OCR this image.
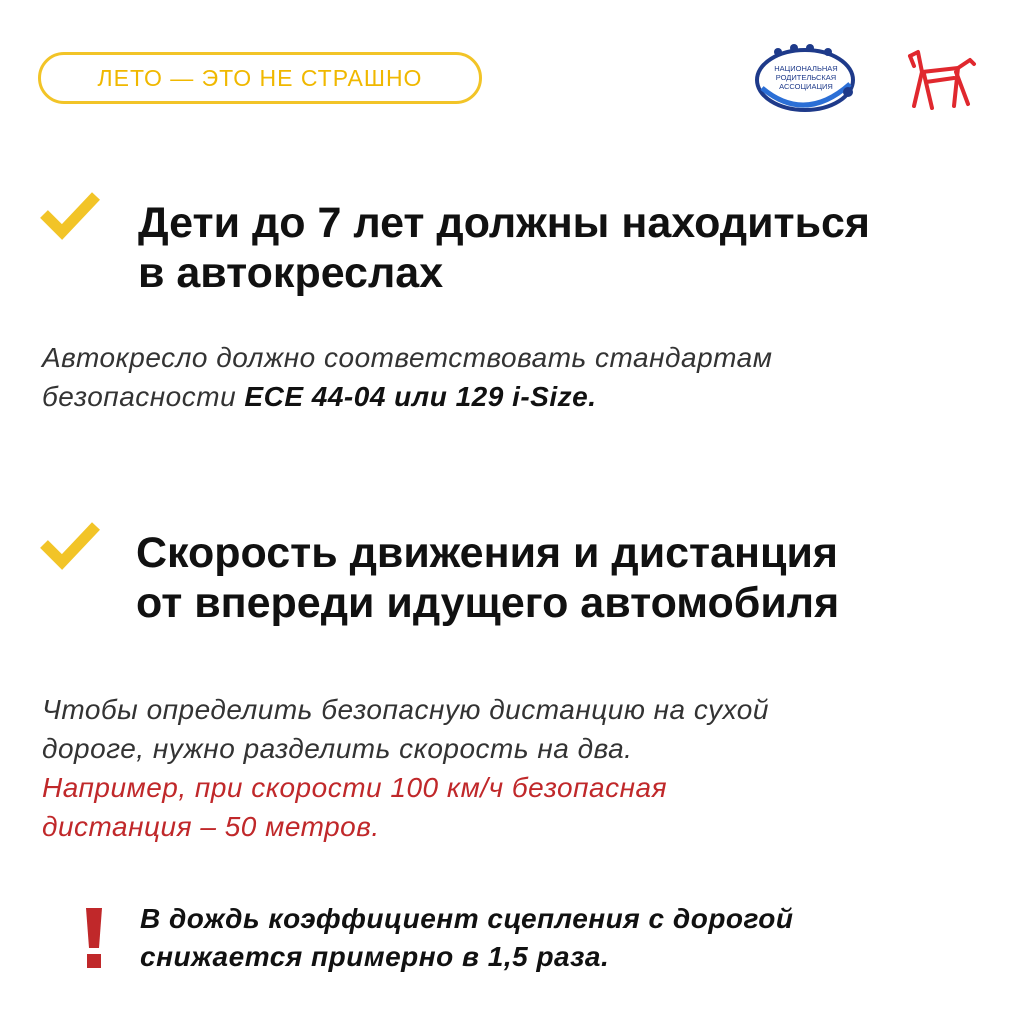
ЛЕТО — ЭТО НЕ СТРАШНО	НАЦИОНАЛЬНАЯ
РОДИТЕЛЬСКАЯ
АССОЦИАЦИЯ
Дети до 7 лет должны находиться
в автокреслах

Автокресло должно соответствовать стандартам
безопасности ECE 44-04 или 129 i-Size.

Скорость движения и дистанция
от впереди идущего автомобиля

Чтобы определить безопасную дистанцию на сухой
дороге, нужно разделить скорость на два.
Например, при скорости 100 км/ч безопасная
дистанция – 50 метров.

В дождь коэффициент сцепления с дорогой
снижается примерно в 1,5 раза.
